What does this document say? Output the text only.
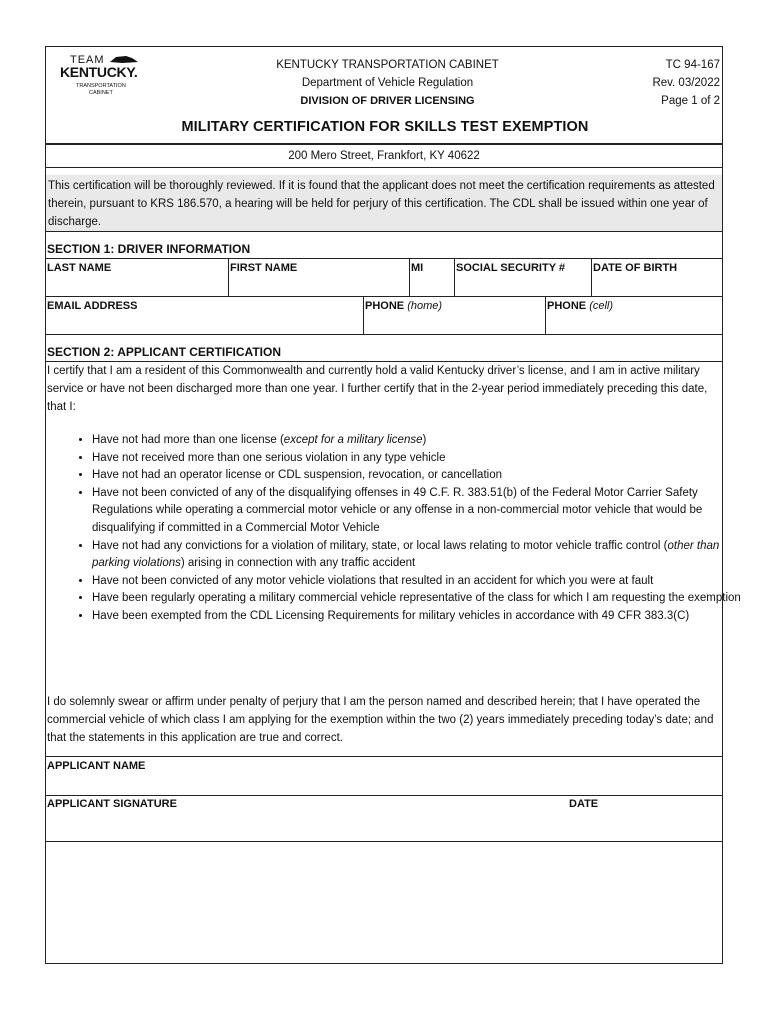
TEAM
KENTUCKY.
TRANSPORTATION
CABINET
KENTUCKY TRANSPORTATION CABINET
Department of Vehicle Regulation
DIVISION OF DRIVER LICENSING
TC 94-167
Rev. 03/2022
Page 1 of 2
MILITARY CERTIFICATION FOR SKILLS TEST EXEMPTION
200 Mero Street, Frankfort, KY 40622

This certification will be thoroughly reviewed. If it is found that the applicant does not meet the certification requirements as attested therein, pursuant to KRS 186.570, a hearing will be held for perjury of this certification. The CDL shall be issued within one year of discharge.

SECTION 1: DRIVER INFORMATION
LAST NAME	FIRST NAME	MI	SOCIAL SECURITY #	DATE OF BIRTH
EMAIL ADDRESS	PHONE (home)	PHONE (cell)
SECTION 2: APPLICANT CERTIFICATION

I certify that I am a resident of this Commonwealth and currently hold a valid Kentucky driver’s license, and I am in active military service or have not been discharged more than one year. I further certify that in the 2-year period immediately preceding this date, that I:

• Have not had more than one license (except for a military license)
• Have not received more than one serious violation in any type vehicle
• Have not had an operator license or CDL suspension, revocation, or cancellation
• Have not been convicted of any of the disqualifying offenses in 49 C.F. R. 383.51(b) of the Federal Motor Carrier Safety Regulations while operating a commercial motor vehicle or any offense in a non-commercial motor vehicle that would be disqualifying if committed in a Commercial Motor Vehicle
• Have not had any convictions for a violation of military, state, or local laws relating to motor vehicle traffic control (other than parking violations) arising in connection with any traffic accident
• Have not been convicted of any motor vehicle violations that resulted in an accident for which you were at fault
• Have been regularly operating a military commercial vehicle representative of the class for which I am requesting the exemption
• Have been exempted from the CDL Licensing Requirements for military vehicles in accordance with 49 CFR 383.3(C)

I do solemnly swear or affirm under penalty of perjury that I am the person named and described herein; that I have operated the commercial vehicle of which class I am applying for the exemption within the two (2) years immediately preceding today’s date; and that the statements in this application are true and correct.

APPLICANT NAME
APPLICANT SIGNATURE	DATE
